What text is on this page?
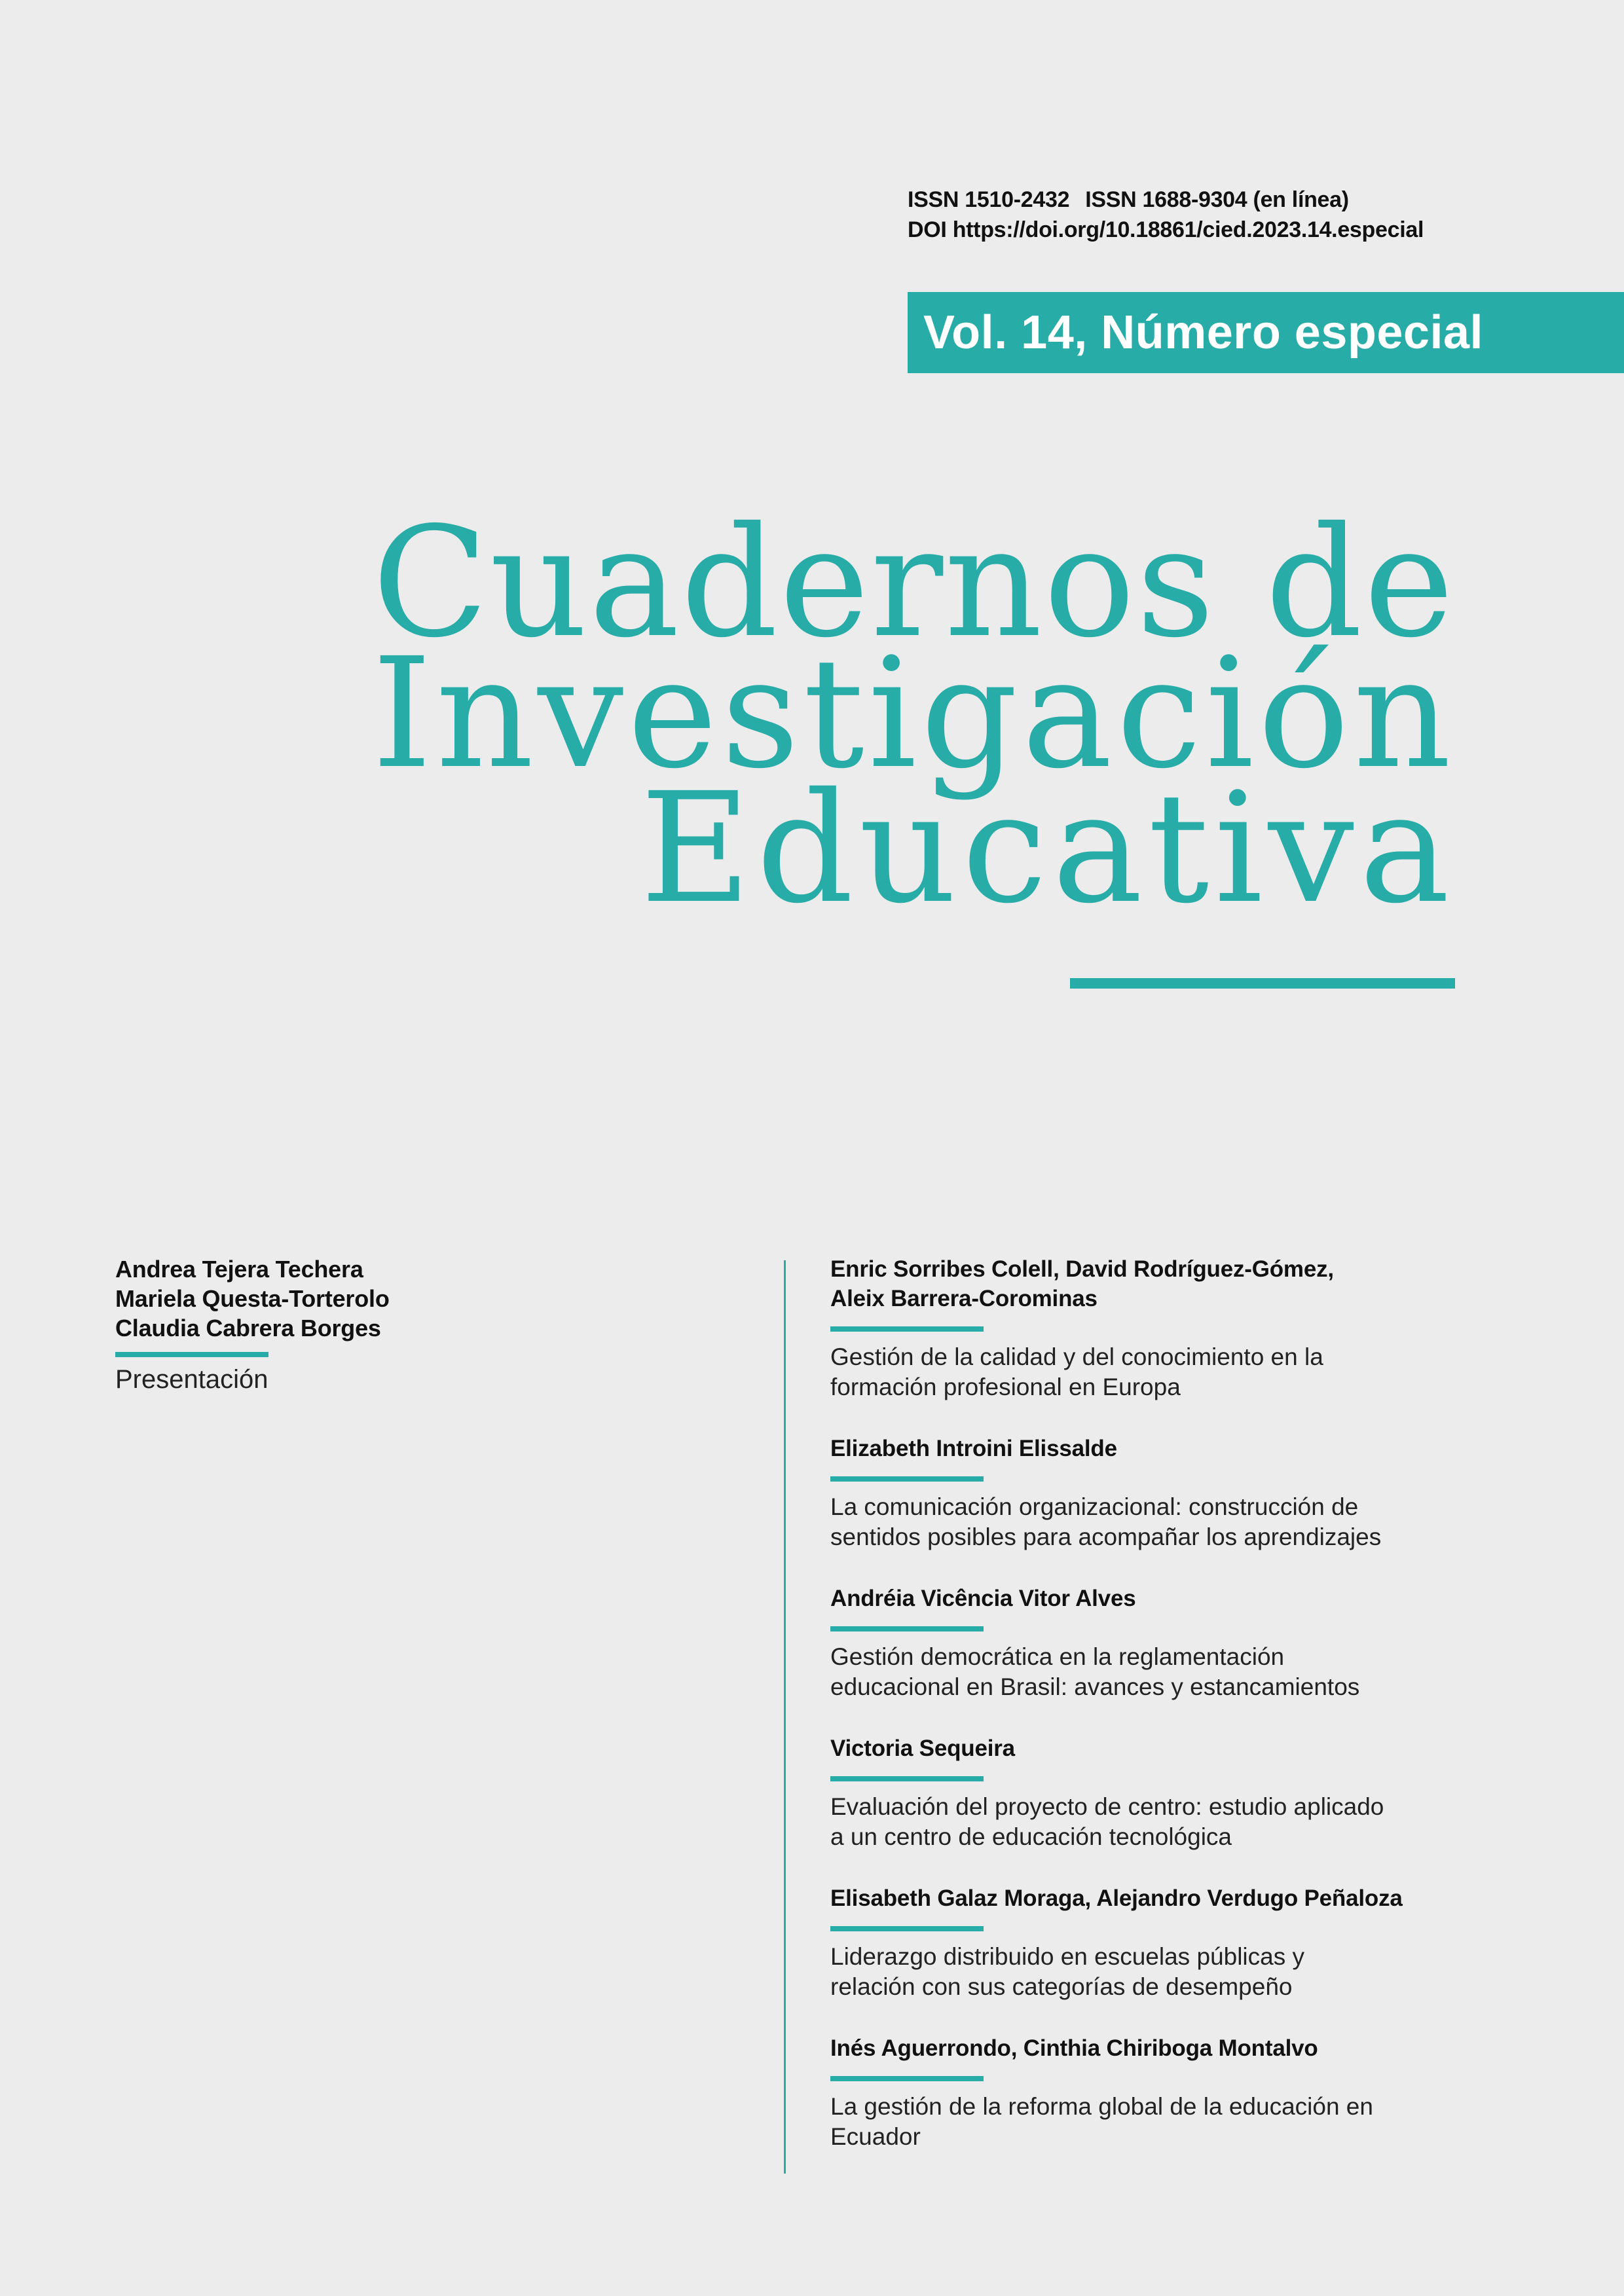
ISSN 1510-2432 ISSN 1688-9304 (en línea)
DOI https://doi.org/10.18861/cied.2023.14.especial
Vol. 14, Número especial
Cuadernos de
Investigación
Educativa
Andrea Tejera Techera
Mariela Questa-Torterolo
Claudia Cabrera Borges
Presentación
Enric Sorribes Colell, David Rodríguez-Gómez,
Aleix Barrera-Corominas
Gestión de la calidad y del conocimiento en la
formación profesional en Europa
Elizabeth Introini Elissalde
La comunicación organizacional: construcción de
sentidos posibles para acompañar los aprendizajes
Andréia Vicência Vitor Alves
Gestión democrática en la reglamentación
educacional en Brasil: avances y estancamientos
Victoria Sequeira
Evaluación del proyecto de centro: estudio aplicado
a un centro de educación tecnológica
Elisabeth Galaz Moraga, Alejandro Verdugo Peñaloza
Liderazgo distribuido en escuelas públicas y
relación con sus categorías de desempeño
Inés Aguerrondo, Cinthia Chiriboga Montalvo
La gestión de la reforma global de la educación en
Ecuador
